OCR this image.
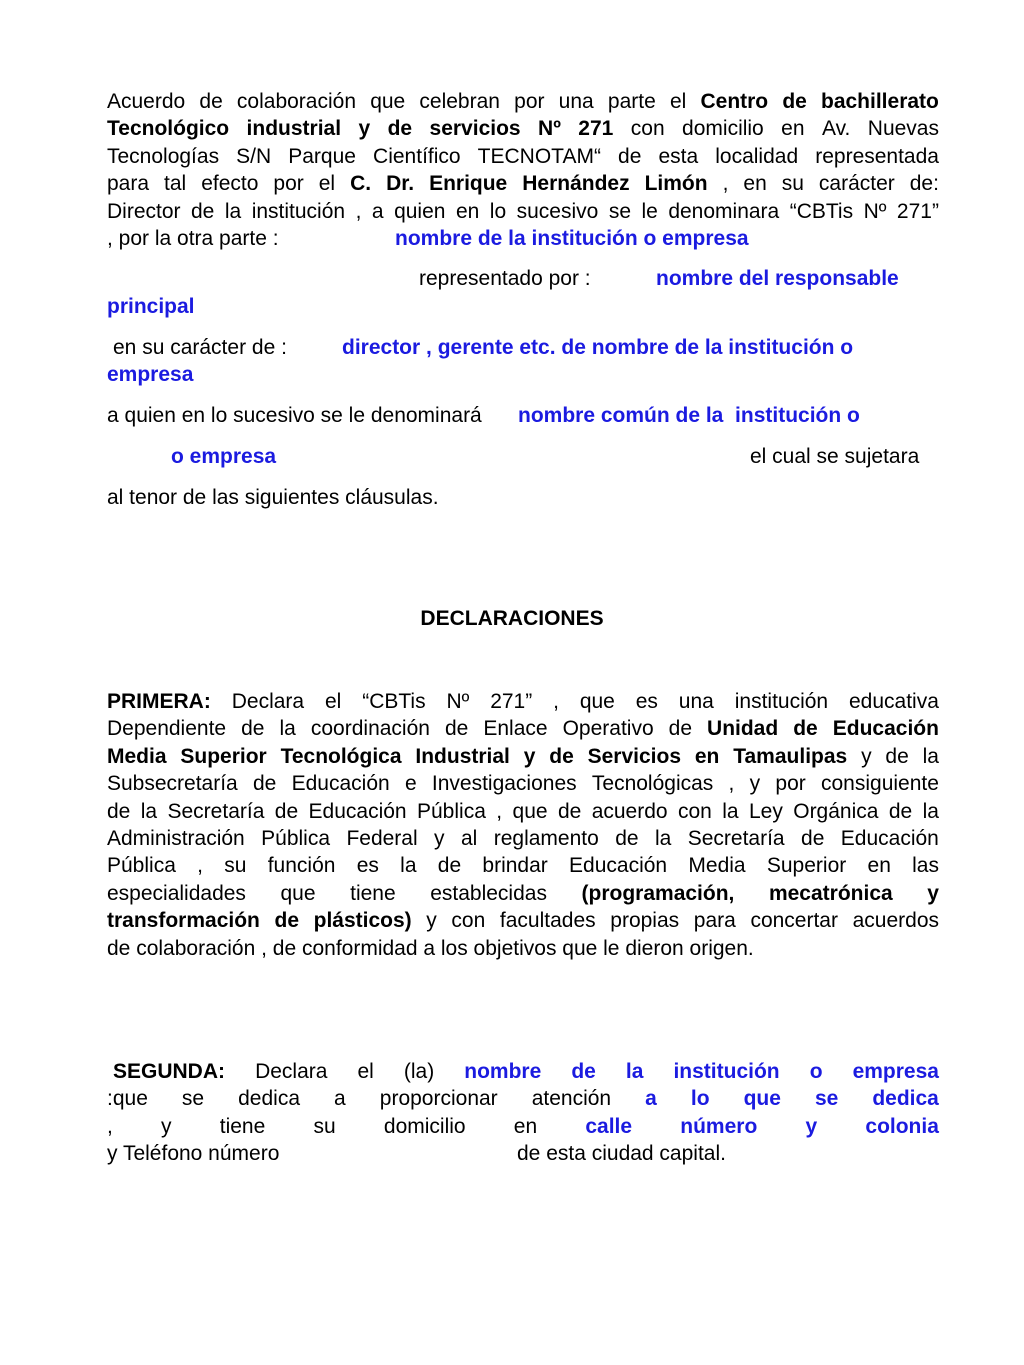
Acuerdo de colaboración que celebran por una parte el Centro de bachillerato
Tecnológico industrial y de servicios Nº 271 con domicilio en Av. Nuevas
Tecnologías S/N Parque Científico TECNOTAM“ de esta localidad representada
para tal efecto por el C. Dr. Enrique Hernández Limón , en su carácter de:
Director de la institución , a quien en lo sucesivo se le denominara “CBTis Nº 271”
, por la otra parte :	nombre de la institución o empresa
representado por :	nombre del responsable
principal
en su carácter de :	director , gerente etc. de nombre de la institución o
empresa
a quien en lo sucesivo se le denominará nombre común de la  institución o
o empresa	el cual se sujetara
al tenor de las siguientes cláusulas.
DECLARACIONES
PRIMERA: Declara el “CBTis Nº 271” , que es una institución educativa
Dependiente de la coordinación de Enlace Operativo de Unidad de Educación
Media Superior Tecnológica Industrial y de Servicios en Tamaulipas y de la
Subsecretaría de Educación e Investigaciones Tecnológicas , y por consiguiente
de la Secretaría de Educación Pública , que de acuerdo con la Ley Orgánica de la
Administración Pública Federal y al reglamento de la Secretaría de Educación
Pública , su función es la de brindar Educación Media Superior en las
especialidades que tiene establecidas (programación, mecatrónica y
transformación de plásticos) y con facultades propias para concertar acuerdos
de colaboración , de conformidad a los objetivos que le dieron origen.
SEGUNDA: Declara el (la) nombre de la institución o empresa
:que se dedica a proporcionar atención a lo que se dedica
, y tiene su domicilio en calle número y colonia
y Teléfono número	de esta ciudad capital.
